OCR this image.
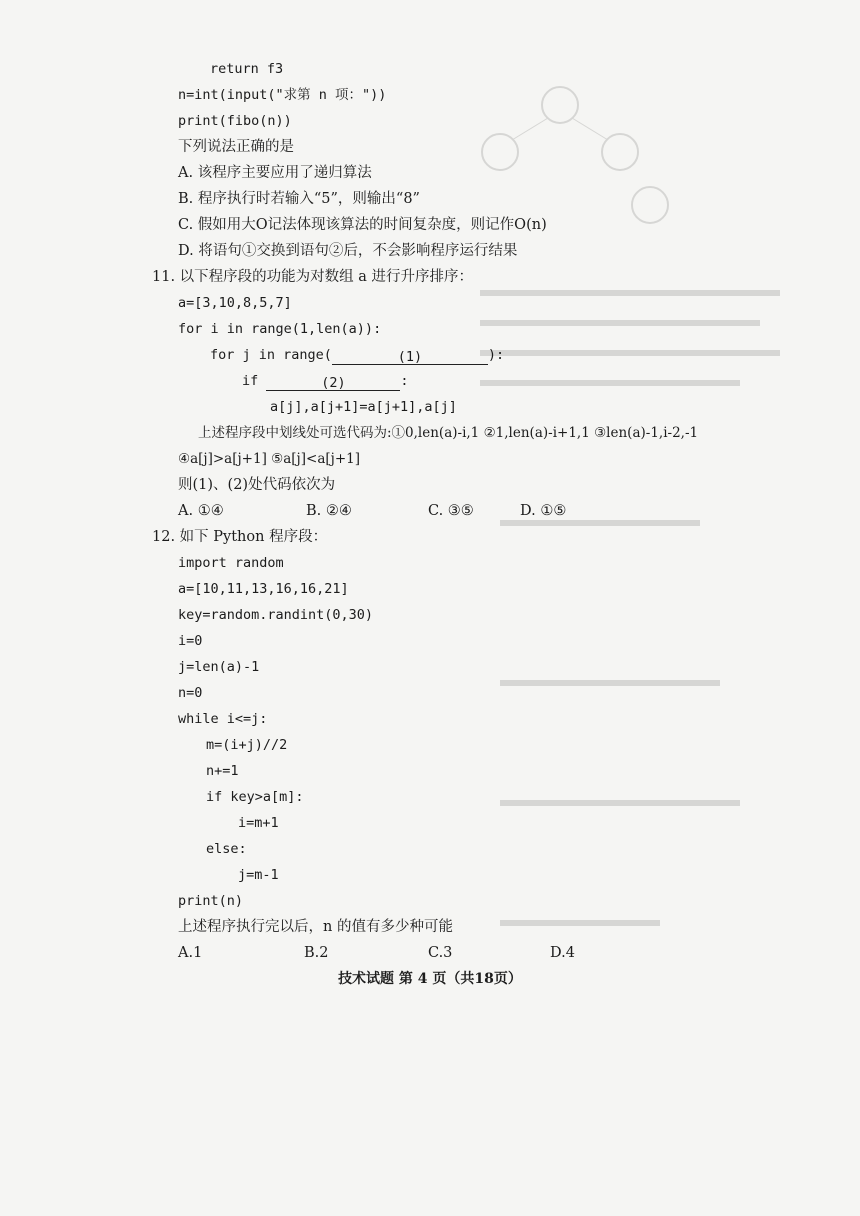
return f3
n=int(input("求第 n 项："))
print(fibo(n))
下列说法正确的是
A. 该程序主要应用了递归算法
B. 程序执行时若输入“5”，则输出“8”
C. 假如用大O记法体现该算法的时间复杂度，则记作O(n)
D. 将语句①交换到语句②后，不会影响程序运行结果
11. 以下程序段的功能为对数组 a 进行升序排序：
a=[3,10,8,5,7]
for i in range(1,len(a)):
for j in range(	(1)	):
if	(2)	:
a[j],a[j+1]=a[j+1],a[j]
上述程序段中划线处可选代码为:①0,len(a)-i,1 ②1,len(a)-i+1,1 ③len(a)-1,i-2,-1
④a[j]>a[j+1] ⑤a[j]<a[j+1]
则(1)、(2)处代码依次为
A. ①④	B. ②④	C. ③⑤	D. ①⑤
12. 如下 Python 程序段：
import random
a=[10,11,13,16,16,21]
key=random.randint(0,30)
i=0
j=len(a)-1
n=0
while i<=j:
m=(i+j)//2
n+=1
if key>a[m]:
i=m+1
else:
j=m-1
print(n)
上述程序执行完以后，n 的值有多少种可能
A.1	B.2	C.3	D.4
技术试题 第 4 页（共18页）
